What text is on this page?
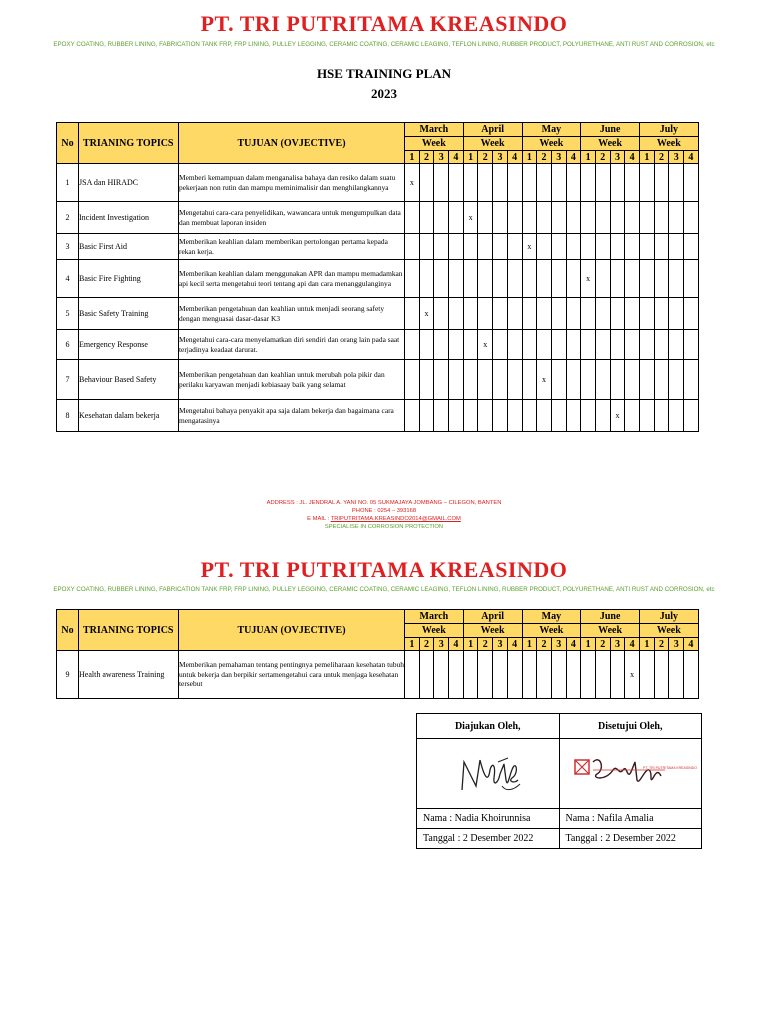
PT. TRI PUTRITAMA KREASINDO
EPOXY COATING, RUBBER LINING, FABRICATION TANK FRP, FRP LINING, PULLEY LEGGING, CERAMIC COATING, CERAMIC LEAGING, TEFLON LINING, RUBBER PRODUCT, POLYURETHANE, ANTI RUST AND CORROSION, etc
HSE TRAINING PLAN
2023
No	TRIANING TOPICS	TUJUAN (OVJECTIVE)	March				April				May				June				July			
			Week				Week				Week				Week				Week			
			1	2	3	4	1	2	3	4	1	2	3	4	1	2	3	4	1	2	3	4
1	JSA dan HIRADC	Memberi kemampuan dalam menganalisa bahaya dan resiko dalam suatu pekerjaan non rutin dan mampu meminimalisir dan menghilangkannya	x																			
2	Incident Investigation	Mengetahui cara-cara penyelidikan, wawancara untuk mengumpulkan data dan membuat laporan insiden					x															
3	Basic First Aid	Memberikan keahlian dalam memberikan pertolongan pertama kepada rekan kerja.									x											
4	Basic Fire Fighting	Memberikan keahlian dalam menggunakan APR dan mampu memadamkan api kecil serta mengetahui teori tentang api dan cara menanggulanginya													x							
5	Basic Safety Training	Memberikan pengetahuan dan keahlian untuk menjadi seorang safety dengan menguasai dasar-dasar K3		x																		
6	Emergency Response	Mengetahui cara-cara menyelamatkan diri sendiri dan orang lain pada saat terjadinya keadaat darurat.						x														
7	Behaviour Based Safety	Memberikan pengetahuan dan keahlian untuk merubah pola pikir dan perilaku karyawan menjadi kebiasaay baik yang selamat										x										
8	Kesehatan dalam bekerja	Mengetahui bahaya penyakit apa saja dalam bekerja dan bagaimana cara mengatasinya															x					
ADDRESS : JL. JENDRAL A. YANI NO. 05 SUKMAJAYA JOMBANG – CILEGON, BANTEN
PHONE : 0254 – 393168
E MAIL : TRIPUTRITAMA.KREASINDO2014@GMAIL.COM
SPECIALISE IN CORROSION PROTECTION
PT. TRI PUTRITAMA KREASINDO
EPOXY COATING, RUBBER LINING, FABRICATION TANK FRP, FRP LINING, PULLEY LEGGING, CERAMIC COATING, CERAMIC LEAGING, TEFLON LINING, RUBBER PRODUCT, POLYURETHANE, ANTI RUST AND CORROSION, etc
No	TRIANING TOPICS	TUJUAN (OVJECTIVE)	March				April				May				June				July			
			Week				Week				Week				Week				Week			
			1	2	3	4	1	2	3	4	1	2	3	4	1	2	3	4	1	2	3	4
9	Health awareness Training	Memberikan pemahaman tentang pentingnya pemeliharaan kesehatan tubuh untuk bekerja dan berpikir sertamengetahui cara untuk menjaga kesehatan tersebut																x				
Diajukan Oleh,	Disetujui Oleh,

PT. TRI PUTRITAMA KREASINDO

Nama : Nadia Khoirunnisa	Nama : Nafila Amalia
Tanggal : 2 Desember 2022	Tanggal : 2 Desember 2022
